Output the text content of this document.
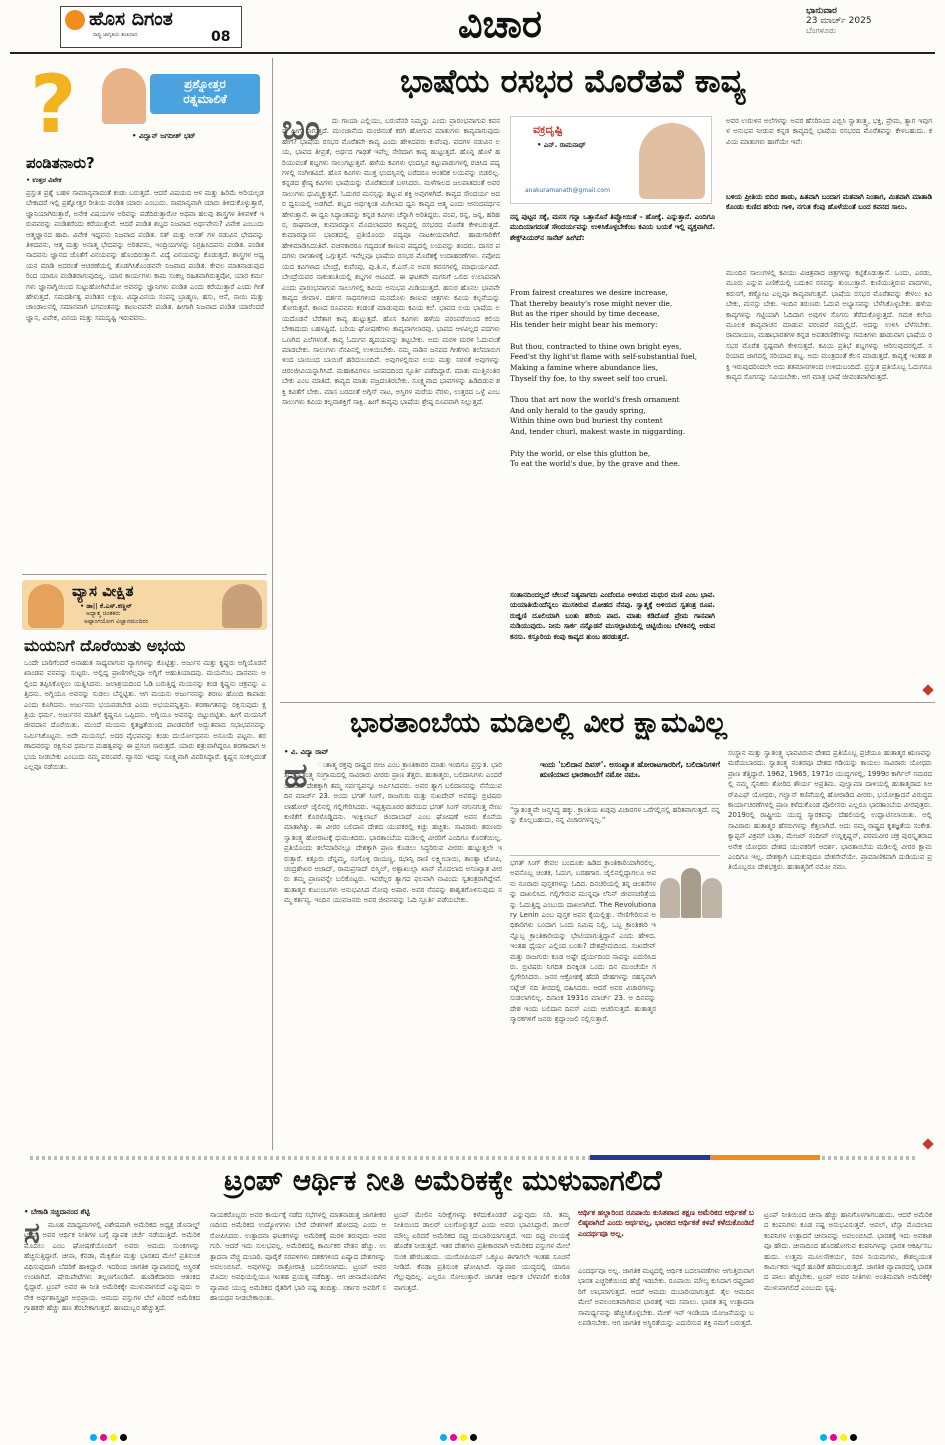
ಹೊಸ ದಿಗಂತ
ರಾಷ್ಟ್ರ ಜಾಗೃತಿಯ ಶಂಖನಾದ	08	ವಿಚಾರ	ಭಾನುವಾರ
23 ಮಾರ್ಚ್ 2025
ಬೆಂಗಳೂರು
?	ಪ್ರಶ್ನೋತ್ತರ
ರತ್ನಮಾಲಿಕೆ
• ವಿದ್ವಾನ್ ಜಗದೀಶ್ ಭಟ್
ಪಂಡಿತನಾರು?
• ಉತ್ತರ ವಿವೇಕ
ಪ್ರಸ್ತುತ ಪ್ರಶ್ನೆ ಬಹಳ ಸಾಮಾನ್ಯವಾದಂತೆ ಕಂಡು ಬರುತ್ತದೆ. ಆದರೆ ವಿಷಯದ ಆಳ ಮತ್ತು ಹಿರಿಮೆ ಅರಿಯಲ್ಪಡಬೇಕಾದರೆ ಇಲ್ಲಿ ಪ್ರಶ್ನೋತ್ತರ ರೀತಿಯ ಪಂಡಿತ ಯಾರು ಎಂಬುದು. ಸಾಮಾನ್ಯವಾಗಿ ಯಾರು ತಿಳಿದುಕೊಳ್ಳುತ್ತಾರೆ, ಜ್ಞಾನಿಯಾಗಿರುತ್ತಾರೆ, ಅನೇಕ ವಿಷಯಗಳ ಅರಿವನ್ನು ಪಡೆದಿರುತ್ತಾರೋ ಅಥವಾ ಹಲವು ಶಾಸ್ತ್ರಗಳ ತಿಳಿವಳಿಕೆ ಇರುವವರನ್ನು ಪಂಡಿತರೆಂದು ಕರೆಯುತ್ತೇವೆ. ಆದರೆ ಪಂಡಿತ ಶಬ್ದದ ನಿಜವಾದ ಅರ್ಥವೇನು? ವಿವೇಕ ಎಂಬುದು ಆತ್ಮಜ್ಞಾನದ ಹಾದಿ. ವಿವೇಕ ಇದ್ದವನು ನಿಜವಾದ ಪಂಡಿತ. ಸತ್ ಮತ್ತು ಅಸತ್ ಗಳ ನಡುವಿನ ಭೇದವನ್ನು ತಿಳಿದವನು, ಆತ್ಮ ಮತ್ತು ಅನಾತ್ಮ ಭೇದವನ್ನು ಅರಿತವನು, ಇಂದ್ರಿಯಗಳನ್ನು ನಿಗ್ರಹಿಸಿದವನು ಪಂಡಿತ. ಪಂಡಿತನಾದವನು ಜ್ಞಾನದ ಜೊತೆಗೆ ವಿನಯವನ್ನು ಹೊಂದಿರುತ್ತಾನೆ. ವಿದ್ಯೆ ವಿನಯವನ್ನು ಕೊಡುತ್ತದೆ. ಶಾಸ್ತ್ರಗಳ ಅಧ್ಯಯನ ಮಾಡಿ ಅದರಂತೆ ಆಚರಣೆಯಲ್ಲಿ ತೊಡಗಿಸಿಕೊಂಡವನೇ ನಿಜವಾದ ಪಂಡಿತ. ಕೇವಲ ಮಾತನಾಡುವುದರಿಂದ ಯಾರೂ ಪಂಡಿತರಾಗುವುದಿಲ್ಲ. ಯಾರ ಕಾರ್ಯಗಳು ಕಾಮ ಸಂಕಲ್ಪ ರಹಿತವಾಗಿರುತ್ತವೋ, ಯಾರ ಕರ್ಮಗಳು ಜ್ಞಾನಾಗ್ನಿಯಿಂದ ಸುಟ್ಟುಹೋಗಿವೆಯೋ ಅವನನ್ನು ಜ್ಞಾನಿಗಳು ಪಂಡಿತ ಎಂದು ಕರೆಯುತ್ತಾರೆ ಎಂದು ಗೀತೆ ಹೇಳುತ್ತದೆ. ಸಮದರ್ಶಿತ್ವ ಪಂಡಿತನ ಲಕ್ಷಣ. ವಿದ್ಯಾವಿನಯ ಸಂಪನ್ನ ಬ್ರಾಹ್ಮಣ, ಹಸು, ಆನೆ, ನಾಯಿ ಮತ್ತು ಚಾಂಡಾಲನಲ್ಲಿ ಸಮಾನವಾಗಿ ಭಗವಂತನನ್ನು ಕಾಣುವವನೇ ಪಂಡಿತ. ಹೀಗಾಗಿ ನಿಜವಾದ ಪಂಡಿತ ಯಾರೆಂದರೆ ಜ್ಞಾನ, ವಿವೇಕ, ವಿನಯ ಮತ್ತು ಸಮದೃಷ್ಟಿ ಇರುವವನು.
ವ್ಯಾಸ ವೀಕ್ಷಿತ
• ಡಾ|| ಕೆ.ಎಸ್.ಕಣ್ಣನ್
ಅಧ್ಯಾತ್ಮ ಚಿಂತಕರು
ಅಷ್ಟಾಂಗಯೋಗ ವಿಜ್ಞಾನಮಂದಿರಂ
ಮಯನಿಗೆ ದೊರೆಯಿತು ಅಭಯ
ಒಂದೇ ಬಾರಿಗೆಂದರೆ ಅನಾಹುತ ಸಾಧ್ಯವಾಗುವ ವ್ಯಾಗಗಳನ್ನು ಕೊಟ್ಟಿತ್ತು. ಅರ್ಜುನ ಮತ್ತು ಕೃಷ್ಣರು ಅಗ್ನಿಯೊಡನೆ ಖಾಂಡವ ವನವನ್ನು ಸುಟ್ಟರು. ಅಲ್ಲಿದ್ದ ಪ್ರಾಣಿಗಳೆಲ್ಲವೂ ಅಗ್ನಿಗೆ ಆಹುತಿಯಾದವು. ಮಯನೆಂಬ ದಾನವನು ಅಲ್ಲಿಂದ ತಪ್ಪಿಸಿಕೊಳ್ಳಲು ಯತ್ನಿಸಿದನು. ಜಲಾಶ್ರಯದಿಂದ ಓಡಿ ಬರುತ್ತಿದ್ದ ಮಯನನ್ನು ಕಂಡ ಕೃಷ್ಣನು ಚಕ್ರವನ್ನು ಎತ್ತಿದನು. ಅಗ್ನಿಯೂ ಅವನನ್ನು ಸುಡಲು ಬೆನ್ನಟ್ಟಿತು. ಆಗ ಮಯನು ಅರ್ಜುನನನ್ನು ಶರಣು ಹೊಂದಿ ಕಾಪಾಡು ಎಂದು ಕೂಗಿದನು. ಅರ್ಜುನನು ಭಯಪಡಬೇಡ ಎಂದು ಅಭಯವನ್ನಿತ್ತನು. ಶರಣಾಗತನನ್ನು ರಕ್ಷಿಸುವುದು ಕ್ಷತ್ರಿಯ ಧರ್ಮ. ಅರ್ಜುನನ ಮಾತಿಗೆ ಕೃಷ್ಣನೂ ಒಪ್ಪಿದನು. ಅಗ್ನಿಯೂ ಅವನನ್ನು ಬಿಟ್ಟುಬಿಟ್ಟಿತು. ಹೀಗೆ ಮಯನಿಗೆ ಜೀವದಾನ ದೊರೆಯಿತು. ಮುಂದೆ ಮಯನು ಕೃತಜ್ಞತೆಯಿಂದ ಪಾಂಡವರಿಗೆ ಅದ್ಭುತವಾದ ಸಭಾಭವನವನ್ನು ನಿರ್ಮಿಸಿಕೊಟ್ಟನು. ಅದೇ ಮಯಸಭೆ. ಅದರ ವೈಭವವನ್ನು ಕಂಡು ದುರ್ಯೋಧನನು ಅಸೂಯೆ ಪಟ್ಟನು. ಶರಣಾದವರನ್ನು ರಕ್ಷಿಸುವ ಧರ್ಮದ ಮಹತ್ವವನ್ನು ಈ ಪ್ರಸಂಗ ಸಾರುತ್ತದೆ. ಯಾರು ಶತ್ರುವಾಗಿದ್ದರೂ ಶರಣಾದಾಗ ಅಭಯ ನೀಡಬೇಕು ಎಂಬುದು ನಮ್ಮ ಪರಂಪರೆ. ವ್ಯಾಸರು ಇದನ್ನು ಸೂಕ್ಷ್ಮವಾಗಿ ವಿವರಿಸಿದ್ದಾರೆ. ಕೃಷ್ಣನ ಸಂಕಲ್ಪದಂತೆ ಎಲ್ಲವೂ ನಡೆಯಿತು.
ಭಾಷೆಯ ರಸಭರ ಮೊರೆತವೆ ಕಾವ್ಯ
ಬಂ	ದು ಗಾಯಾ ಎಲ್ಲಿಯು, ಬರುವೆನರಿ ನಿಮ್ಮನ್ನು ಎಂದು ಪ್ರಾರಂಭವಾಗುವ ಕವನವು ಹೀಗೆ ಸಾಗುತ್ತದೆ. ಮುಂಜಾನೆಯ ಮಂಜಿನಂತೆ ಕರಗಿ ಹೋಗುವ ಮಾತುಗಳು ಕಾವ್ಯವಾಗುವುದು ಹೇಗೆ? ಭಾಷೆಯ ರಸಭರ ಮೊರೆತವೇ ಕಾವ್ಯ ಎಂದು ಹೇಳಿದವರು ಕುವೆಂಪು. ಪದಗಳ ನಡುವಿನ ಲಯ, ಭಾವದ ತೀವ್ರತೆ, ಅರ್ಥದ ಗಾಢತೆ ಇವೆಲ್ಲ ಸೇರಿದಾಗ ಕಾವ್ಯ ಹುಟ್ಟುತ್ತದೆ. ಹೊನ್ನ ಹೊಳೆ ಹರಿಯುವಂತೆ ಶಬ್ದಗಳು ಸಾಲುಗಟ್ಟುತ್ತವೆ. ಹಳೆಯ ಕವಿಗಳು ಛಂದಸ್ಸಿನ ಕಟ್ಟುಪಾಡುಗಳಲ್ಲಿ ರಚಿಸಿದ ಪದ್ಯಗಳಲ್ಲಿ ಸಂಗೀತವಿದೆ. ಹೊಸ ಕವಿಗಳು ಮುಕ್ತ ಛಂದಸ್ಸಿನಲ್ಲಿ ಬರೆದರೂ ಆಂತರಿಕ ಲಯವನ್ನು ಬಿಡಲಿಲ್ಲ. ಕನ್ನಡದ ಶ್ರೇಷ್ಠ ಕವಿಗಳು ಭಾಷೆಯನ್ನು ಮೊರೆತದಂತೆ ಬಳಸಿದರು. ಮಳೆಗಾಲದ ಜಲಪಾತದಂತೆ ಅವರ ಸಾಲುಗಳು ಧುಮ್ಮಿಕ್ಕುತ್ತವೆ. ಓದುಗರ ಮನಸ್ಸನ್ನು ತಟ್ಟುವ ಶಕ್ತಿ ಅವುಗಳಿಗಿದೆ. ಕಾವ್ಯದ ಸೌಂದರ್ಯ ಅದರ ಧ್ವನಿಯಲ್ಲಿ ಅಡಗಿದೆ. ಶಬ್ದದ ಅರ್ಥಕ್ಕಿಂತ ಮಿಗಿಲಾದ ಧ್ವನಿ ಕಾವ್ಯದ ಆತ್ಮ ಎಂದು ಆನಂದವರ್ಧನ ಹೇಳುತ್ತಾನೆ. ಈ ಧ್ವನಿ ಸಿದ್ಧಾಂತವನ್ನು ಕನ್ನಡ ಕವಿಗಳು ಚೆನ್ನಾಗಿ ಅರಿತಿದ್ದರು. ಪಂಪ, ರನ್ನ, ಜನ್ನ, ಹರಿಹರ, ರಾಘವಾಂಕ, ಕುಮಾರವ್ಯಾಸ ಮೊದಲಾದವರ ಕಾವ್ಯದಲ್ಲಿ ರಸಭರದ ಮೊರೆತ ಕೇಳಿಬರುತ್ತದೆ. ಕುಮಾರವ್ಯಾಸನ ಭಾರತದಲ್ಲಿ ಪ್ರತಿಯೊಂದು ಪದ್ಯವೂ ನಾಟಕೀಯವಾಗಿದೆ. ಹಾಡುಗಾರಿಕೆಗೆ ಹೇಳಿಮಾಡಿಸಿದಂತಿವೆ. ವಚನಕಾರರೂ ಗದ್ಯದಂತೆ ಕಾಣುವ ಪದ್ಯದಲ್ಲಿ ಲಯವನ್ನು ತಂದರು. ದಾಸರ ಪದಗಳು ರಾಗತಾಳಕ್ಕೆ ಒಗ್ಗುತ್ತವೆ. ಇವೆಲ್ಲವೂ ಭಾಷೆಯ ರಸಭರ ಮೊರೆತಕ್ಕೆ ಉದಾಹರಣೆಗಳು. ನವೋದಯದ ಕವಿಗಳಾದ ಬೇಂದ್ರೆ, ಕುವೆಂಪು, ಪು.ತಿ.ನ, ಕೆ.ಎಸ್.ನ ಅವರ ಕವನಗಳಲ್ಲಿ ಮಾಧುರ್ಯವಿದೆ. ಬೇಂದ್ರೆಯವರ ನಾಕುತಂತಿಯಲ್ಲಿ ಶಬ್ದಗಳ ಆಟವಿದೆ. ಈ ಘಟಕವೇ ಮಗನಿಗೆ ಒಲಿದ ಉಲಾಪವಾಗಿ ಎಂದು ಪ್ರಾರಂಭವಾಗುವ ಸಾಲುಗಳಲ್ಲಿ ಕವಿಯ ಅನುಭವ ಮಿಡಿಯುತ್ತದೆ. ಹಸುರ ಹೊನಲ ಭಾವವೇ ಕಾವ್ಯದ ಜೀವಾಳ. ದರ್ಶನ ಸಾಧನಗಳಿಂದ ಮನದೊಳು ಕಾಣುವ ಚಿತ್ರಗಳು ಕವಿಯ ಕಲ್ಪನೆಯನ್ನು ತೋರುತ್ತವೆ. ಕಾಣದ ರೂಪವನು ಕಂಡಂತೆ ಮಾಡುವುದು ಕವಿಯ ಕಲೆ. ಭಾವದ ಲಯ ಭಾಷೆಯ ಲಯದೊಡನೆ ಬೆರೆತಾಗ ಕಾವ್ಯ ಹುಟ್ಟುತ್ತದೆ. ಹೊಸ ಕವಿಗಳು ಹಳೆಯ ಪರಂಪರೆಯಿಂದ ಕಲಿಯಬೇಕಾದುದು ಬಹಳಷ್ಟಿದೆ. ಬರಿಯ ಘೋಷಣೆಗಳು ಕಾವ್ಯವಾಗಲಾರವು. ಭಾವದ ಆಳವಿಲ್ಲದ ಪದಗಳು ಒಣಗಿದ ಎಲೆಗಳಂತೆ. ಕಾವ್ಯ ಓದುಗನ ಹೃದಯವನ್ನು ತಟ್ಟಬೇಕು. ಅದು ಮರಳಿ ಮರಳಿ ಓದುವಂತೆ ಮಾಡಬೇಕು. ಸಾಲುಗಳು ನೆನಪಿನಲ್ಲಿ ಉಳಿಯಬೇಕು. ನಮ್ಮ ನಾಡಿನ ಜನಪದ ಗೀತೆಗಳು ತಲೆಮಾರುಗಳಿಂದ ಬಾಯಿಂದ ಬಾಯಿಗೆ ಹರಿದುಬಂದಿವೆ. ಅವುಗಳಲ್ಲಿರುವ ಲಯ ಮತ್ತು ಸರಳತೆ ಅವುಗಳನ್ನು ಚಿರಂಜೀವಿಯನ್ನಾಗಿಸಿದೆ. ಮಹಾಕವಿಗಳೂ ಜನಪದದಿಂದ ಸ್ಫೂರ್ತಿ ಪಡೆದಿದ್ದಾರೆ. ಮಾತು ಮುತ್ತಿನಂತಿರಬೇಕು ಎಂಬ ಮಾತಿದೆ. ಕಾವ್ಯದ ಮಾತು ವಜ್ರದಂತಿರಬೇಕು. ಸೂಕ್ಷ್ಮವಾದ ಭಾವಗಳನ್ನು ಹಿಡಿದಿಡುವ ಶಕ್ತಿ ಕವಿತೆಗೆ ಬೇಕು. ಮಾಸ ಬರದಂತೆ ಅಗ್ಗಿಸ್ ನಾಟ, ಅಸ್ತಿಗಳ ಮರೆಯ ನೆರಳು, ಉತ್ತರದ ಒಳ್ಳೆ ಎಂಬ ಸಾಲುಗಳು ಕವಿಯ ಕಲ್ಪನಾಶಕ್ತಿಗೆ ಸಾಕ್ಷಿ. ಹೀಗೆ ಕಾವ್ಯವು ಭಾಷೆಯ ಶ್ರೇಷ್ಠ ರೂಪವಾಗಿ ನಿಲ್ಲುತ್ತದೆ.
ವಕ್ರದೃಷ್ಟಿ
• ಎನ್. ರಾಮನಾಥ್
anakuramanath@gmail.com
ನನ್ನ ಪುಟ್ಟನ ಸಕ್ಕೆ, ಮನಸ ಗನ್ನಾ ಒತ್ತಾನೊನೆ ತಿವ್ವೋಯಿತೆ – ಹೋಕ್ಕೆ. ಎನ್ನುತ್ತಾನೆ. ಎಂದಿಗೂ ಮುದಿಯಾಗದಂತೆ ಸೌಂದರ್ಯವನ್ನು ಉಳಿಸಿಕೊಳ್ಳಬೇಕೆಂಬ ಕವಿಯ ಬಯಕೆ ಇಲ್ಲಿ ವ್ಯಕ್ತವಾಗಿದೆ. ಶೇಕ್ಸ್‌ಪಿಯರ್‌ನ ಸಾನೆಟ್ ಹೀಗಿದೆ:
From fairest creatures we desire increase,
That thereby beauty's rose might never die,
But as the riper should by time decease,
His tender heir might bear his memory:

But thou, contracted to thine own bright eyes,
Feed'st thy light'st flame with self-substantial fuel,
Making a famine where abundance lies,
Thyself thy foe, to thy sweet self too cruel.

Thou that art now the world's fresh ornament
And only herald to the gaudy spring,
Within thine own bud buriest thy content
And, tender churl, makest waste in niggarding.

Pity the world, or else this glutton be,
To eat the world's due, by the grave and thee.
ಸಂತಾನದಿಂದಲ್ಲದೆ ಚೆಲುವೆ ನಿತ್ಯವಾಗದು ಎಂದೆಂದೂ ಅಳಿಯದ ಮಧುರ ಮಣಿ ಎಂಬ ಭಾವ. ಯಯಾತಿಯೆಂದೆನ್ನಲು ಮುಸಕಿರುವ ಮೋಹದ ನೆನಪು. ಸ್ವಾತ್ಮಕ್ಕೆ ಅಳಿಯದ ಸ್ವತಂತ್ರ ರೂಪ. ರುಜ್ಞಿಣಿ ದೂಲಿಯಾಗಿ ಬಂತು ಹರಿಯ ಪಾದ. ಮಾತು ಕಡಿದೊಡೆ ಪ್ರೇಮ ಗಾನವಾಗಿ ನುಡಿಯುವುದು. ನೀನು ಸಾರ್ಕ ನನ್ನೊಡನೆ ಮುಸಲ್ಪಾಟಿಯಲ್ಲಿ ಚಿಟ್ಟಿಯೆಂಬ ಬೆಳಕಿನಲ್ಲಿ ಆಡುವ ಕನಸು. ಕಸ್ತೂರಿಯ ಕಂಪು ಕಾವ್ಯದ ತುಂಬ ಹರಡುತ್ತದೆ.
ಅವರ ಉರುಳಿನ ಅಲೆಗಳನ್ನು ಅವರ ಹೆಸರಿನಿಂದ ಎಬ್ಬಿಸಿ ಸ್ವಾತಂತ್ರ್ಯ, ಭಕ್ತಿ, ಪ್ರೇಮ, ತ್ಯಾಗ ಇವುಗಳ ಅನುಭವ ನೀಡುವ ಕನ್ನಡ ಕಾವ್ಯದಲ್ಲಿ ಭಾಷೆಯ ರಸಭರದ ಮೊರೆತವನ್ನು ಕೇಳಬಹುದು. ಕವಿಯ ಮಾತುಗಳು ಹಾಗೆಯೇ ಇವೆ:
ಬಳಿಯ ಪ್ರೀತಿಯ ಬಿದಿರ ಹಾಡು, ಹಿತವಾಗಿ ಬಂದಾಗ ಮತವಾಗಿ ನಿಂತಾಗ, ಮಿತವಾಗಿ ಮಾತಾಡಿ ಕೊಂಡು ಕುಣಿದ ಹರಿಯ ಗಾಳಿ, ನಗುತ ಕೆಂಪು ಹೊಳೆಯಂತೆ ಬಂದ ಕವನದ ಸಾಲು.
ಮುಂದಿನ ಸಾಲುಗಳಲ್ಲಿ ಕವಿಯು ವಿಚಿತ್ರವಾದ ಚಿತ್ರಗಳನ್ನು ಕಟ್ಟಿಕೊಡುತ್ತಾನೆ. ಒಂದು, ಎರಡು, ಮೂರು ಎನ್ನುವ ಎಣಿಕೆಯಲ್ಲಿ ಬದುಕಿನ ರಸವನ್ನು ತುಂಬುತ್ತಾನೆ. ಕುಣಿಯುತ್ತಿರುವ ಪಾದಗಳು, ಕಿರುನಗೆ, ಕಣ್ಣೋಟ ಎಲ್ಲವೂ ಕಾವ್ಯವಾಗುತ್ತವೆ. ಭಾಷೆಯ ರಸಭರ ಮೊರೆತವನ್ನು ಕೇಳಲು ಕಿವಿ ಬೇಕು, ಮನಸ್ಸು ಬೇಕು. ಇಂದಿನ ತರುಣರು ಓದುವ ಅಭ್ಯಾಸವನ್ನು ಬೆಳೆಸಿಕೊಳ್ಳಬೇಕು. ಹಳೆಯ ಕಾವ್ಯಗಳನ್ನು ಗಟ್ಟಿಯಾಗಿ ಓದಿದಾಗ ಅವುಗಳ ಸೊಗಸು ತೆರೆದುಕೊಳ್ಳುತ್ತದೆ. ಗಮಕ ಕಲೆಯ ಮೂಲಕ ಕಾವ್ಯವಾಚನ ಮಾಡುವ ಪರಂಪರೆ ನಮ್ಮಲ್ಲಿದೆ. ಅದನ್ನು ಉಳಿಸಿ ಬೆಳೆಸಬೇಕು. ರಾಮಾಯಣ, ಮಹಾಭಾರತಗಳ ಕನ್ನಡ ಅವತರಣಿಕೆಗಳನ್ನು ಗಮಕಿಗಳು ಹಾಡುವಾಗ ಭಾಷೆಯ ರಸಭರ ಮೊರೆತ ಸ್ಪಷ್ಟವಾಗಿ ಕೇಳಿಸುತ್ತದೆ. ಕವಿಯ ಪ್ರತಿಭೆ ಶಬ್ದಗಳನ್ನು ಆರಿಸುವುದರಲ್ಲಿದೆ. ಸರಿಯಾದ ಜಾಗದಲ್ಲಿ ಸರಿಯಾದ ಶಬ್ದ. ಅದು ಮಂತ್ರದಂತೆ ಕೆಲಸ ಮಾಡುತ್ತದೆ. ಕಾವ್ಯಕ್ಕೆ ಇಂತಹ ಶಕ್ತಿ ಇರುವುದರಿಂದಲೇ ಅದು ಶತಮಾನಗಳಿಂದ ಉಳಿದುಬಂದಿದೆ. ಪ್ರಸ್ತುತ ಪ್ರತಿಯೊಬ್ಬ ಓದುಗನೂ ಕಾವ್ಯದ ಸೊಗಸನ್ನು ಸವಿಯಬೇಕು. ಆಗ ಮಾತ್ರ ಭಾಷೆ ಜೀವಂತವಾಗಿರುತ್ತದೆ.
ಭಾರತಾಂಬೆಯ ಮಡಿಲಲ್ಲಿ ವೀರ ಕ್ಷಾಮವಿಲ್ಲ
• ವಿ. ವಿದ್ಯಾ ರಾವ್
ಹ	ುತಾತ್ಮ ರಕ್ತವು ರಾಷ್ಟ್ರದ ಬೀಜ ಎಂಬ ಕ್ರಾಂತಿಕಾರರ ಮಾತು ಇಂದಿಗೂ ಪ್ರಸ್ತುತ. ಭಾರತದ ಸ್ವಾತಂತ್ರ್ಯ ಸಂಗ್ರಾಮದಲ್ಲಿ ಸಾವಿರಾರು ವೀರರು ಪ್ರಾಣ ತೆತ್ತರು. ಹುತಾತ್ಮರು, ಬಲಿದಾನಿಗಳು ಎಂದರೆ ಯಾರು? ದೇಶಕ್ಕಾಗಿ ತಮ್ಮ ಸರ್ವಸ್ವವನ್ನೂ ಅರ್ಪಿಸಿದವರು. ಅವರ ತ್ಯಾಗ ಬಲಿದಾನವನ್ನು ನೆನೆಯುವ ದಿನ ಮಾರ್ಚ್ 23. ಅಂದು ಭಗತ್ ಸಿಂಗ್, ರಾಜಗುರು ಮತ್ತು ಸುಖದೇವ್ ಅವರನ್ನು ಬ್ರಿಟಿಷರು ಲಾಹೋರ್ ಜೈಲಿನಲ್ಲಿ ಗಲ್ಲಿಗೇರಿಸಿದರು. ಇಪ್ಪತ್ತಮೂರರ ಹರೆಯದ ಭಗತ್ ಸಿಂಗ್ ನಗುನಗುತ್ತ ನೇಣು ಕುಣಿಕೆಗೆ ಕೊರಳೊಡ್ಡಿದನು. ಇಂಕ್ವಿಲಾಬ್ ಜಿಂದಾಬಾದ್ ಎಂಬ ಘೋಷಣೆ ಅವನ ಕೊನೆಯ ಮಾತಾಗಿತ್ತು. ಈ ವೀರರ ಬಲಿದಾನ ದೇಶದ ಯುವಕರಲ್ಲಿ ಕಿಚ್ಚು ಹಚ್ಚಿತು. ಸಾವಿರಾರು ತರುಣರು ಸ್ವಾತಂತ್ರ್ಯ ಹೋರಾಟಕ್ಕೆ ಧುಮುಕಿದರು. ಭಾರತಾಂಬೆಯ ಮಡಿಲಲ್ಲಿ ವೀರರಿಗೆ ಎಂದಿಗೂ ಕೊರತೆಯಿಲ್ಲ. ಪ್ರತಿಯೊಂದು ತಲೆಮಾರಿನಲ್ಲೂ ದೇಶಕ್ಕಾಗಿ ಪ್ರಾಣ ಕೊಡಲು ಸಿದ್ಧರಿರುವ ವೀರರು ಹುಟ್ಟುತ್ತಲೇ ಇರುತ್ತಾರೆ. ಕಿತ್ತೂರು ಚೆನ್ನಮ್ಮ, ಸಂಗೊಳ್ಳಿ ರಾಯಣ್ಣ, ಝಾನ್ಸಿ ರಾಣಿ ಲಕ್ಷ್ಮೀಬಾಯಿ, ತಾಂತ್ಯಾ ಟೋಪಿ, ಚಂದ್ರಶೇಖರ ಆಜಾದ್, ರಾಮಪ್ರಸಾದ್ ಬಿಸ್ಮಿಲ್, ಅಶ್ಫಾಖುಲ್ಲಾ ಖಾನ್ ಮೊದಲಾದ ಅಸಂಖ್ಯಾತ ವೀರರು ತಮ್ಮ ಪ್ರಾಣವನ್ನೇ ಬಲಿಕೊಟ್ಟರು. ಇವರೆಲ್ಲರ ತ್ಯಾಗದ ಫಲವಾಗಿ ನಾವಿಂದು ಸ್ವತಂತ್ರರಾಗಿದ್ದೇವೆ. ಹುತಾತ್ಮರ ಕುಟುಂಬಗಳು ಅನುಭವಿಸಿದ ನೋವು ಅಪಾರ. ಅವರ ನೆನಪನ್ನು ಶಾಶ್ವತಗೊಳಿಸುವುದು ನಮ್ಮ ಕರ್ತವ್ಯ. ಇಂದಿನ ಯುವಜನರು ಅವರ ಜೀವನವನ್ನು ಓದಿ ಸ್ಫೂರ್ತಿ ಪಡೆಯಬೇಕು.
ಇಂದು 'ಬಲಿದಾನ ದಿವಸ್'. ಅಸಂಖ್ಯಾತ ಹೋರಾಟಗಾರರಿಗೆ, ಬಲಿದಾನಿಗಳಿಗೆ ಋಣಿಯಾದ ಭಾರತಾಂಬೆಗೆ ನಮೋ ನಮಃ.
"ಸ್ವಾತಂತ್ರ್ಯವೇ ಜನ್ಮಸಿದ್ಧ ಹಕ್ಕು. ಕ್ರಾಂತಿಯ ಖಡ್ಗವು ವಿಚಾರಗಳ ಒರೆಗಲ್ಲಿನಲ್ಲಿ ಹರಿತವಾಗುತ್ತದೆ. ನನ್ನನ್ನು ಕೊಲ್ಲಬಹುದು, ನನ್ನ ವಿಚಾರಗಳನ್ನಲ್ಲ."
ಭಗತ್ ಸಿಂಗ್ ಕೇವಲ ಬಂದೂಕು ಹಿಡಿದ ಕ್ರಾಂತಿಕಾರಿಯಾಗಿರಲಿಲ್ಲ. ಅವನೊಬ್ಬ ಚಿಂತಕ, ಓದುಗ, ಬರಹಗಾರ. ಜೈಲಿನಲ್ಲಿದ್ದಾಗಲೂ ಅವನು ನೂರಾರು ಪುಸ್ತಕಗಳನ್ನು ಓದಿದ. ದಿನಚರಿಯಲ್ಲಿ ತನ್ನ ಚಿಂತನೆಗಳನ್ನು ದಾಖಲಿಸಿದ. ಗಲ್ಲಿಗೇರುವ ಮುನ್ನವೂ ಲೆನಿನ್ ಜೀವನಚರಿತ್ರೆಯನ್ನು ಓದುತ್ತಿದ್ದ ಎಂಬುದು ದಾಖಲಾಗಿದೆ. The Revolutionary Lenin ಎಂಬ ಪುಸ್ತಕ ಅವನ ಕೈಯಲ್ಲಿತ್ತು. ನೇಣಿಗೇರಿಸುವ ಅಧಿಕಾರಿಗಳು ಬಂದಾಗ ಒಂದು ನಿಮಿಷ ನಿಲ್ಲಿ, ಒಬ್ಬ ಕ್ರಾಂತಿಕಾರಿ ಇನ್ನೊಬ್ಬ ಕ್ರಾಂತಿಕಾರಿಯನ್ನು ಭೇಟಿಯಾಗುತ್ತಿದ್ದಾನೆ ಎಂದು ಹೇಳಿದ. ಇಂತಹ ಧೈರ್ಯ ಎಲ್ಲಿಂದ ಬಂತು? ದೇಶಪ್ರೇಮದಿಂದ. ಸುಖದೇವ್ ಮತ್ತು ರಾಜಗುರು ಕೂಡ ಅಷ್ಟೇ ಧೈರ್ಯದಿಂದ ಸಾವನ್ನು ಎದುರಿಸಿದರು. ಬ್ರಿಟಿಷರು ನಿಗದಿತ ದಿನಕ್ಕಿಂತ ಒಂದು ದಿನ ಮುಂಚೆಯೇ ಗಲ್ಲಿಗೇರಿಸಿದರು. ಜನರ ಆಕ್ರೋಶಕ್ಕೆ ಹೆದರಿ ದೇಹಗಳನ್ನು ರಹಸ್ಯವಾಗಿ ಸಟ್ಲೆಜ್ ನದಿ ತೀರದಲ್ಲಿ ದಹಿಸಿದರು. ಆದರೆ ಅವರ ವಿಚಾರಗಳನ್ನು ಸುಡಲಾಗಲಿಲ್ಲ. ದಿನಾಂಕ 1931ರ ಮಾರ್ಚ್ 23. ಆ ದಿನವನ್ನು ದೇಶ ಇಂದು ಬಲಿದಾನ ದಿವಸ್ ಎಂದು ಆಚರಿಸುತ್ತದೆ. ಹುತಾತ್ಮರ ಸ್ಮಾರಕಗಳಿಗೆ ಜನರು ಶ್ರದ್ಧಾಂಜಲಿ ಸಲ್ಲಿಸುತ್ತಾರೆ.
ಸಂಸ್ಥಾನ ಮತ್ತು ಸ್ವಾತಂತ್ರ್ಯ ಭಾವವಿರುವ ದೇಶದ ಪ್ರತಿಯೊಬ್ಬ ಪ್ರಜೆಯೂ ಹುತಾತ್ಮರ ಋಣವನ್ನು ಮರೆಯಬಾರದು. ಸ್ವಾತಂತ್ರ್ಯ ನಂತರವೂ ದೇಶದ ಗಡಿಯನ್ನು ಕಾಯಲು ಸಾವಿರಾರು ಯೋಧರು ಪ್ರಾಣ ತೆತ್ತಿದ್ದಾರೆ. 1962, 1965, 1971ರ ಯುದ್ಧಗಳಲ್ಲಿ, 1999ರ ಕಾರ್ಗಿಲ್ ಸಮರದಲ್ಲಿ ನಮ್ಮ ಸೈನಿಕರು ತೋರಿದ ಶೌರ್ಯ ಅಪ್ರತಿಮ. ಪುಲ್ವಾಮಾ ದಾಳಿಯಲ್ಲಿ ಹುತಾತ್ಮರಾದ ಸಿಆರ್‌ಪಿಎಫ್ ಯೋಧರು, ಗಲ್ವಾನ್ ಕಣಿವೆಯಲ್ಲಿ ಹೋರಾಡಿದ ವೀರರು, ಭಯೋತ್ಪಾದನೆ ವಿರುದ್ಧದ ಕಾರ್ಯಾಚರಣೆಗಳಲ್ಲಿ ಪ್ರಾಣ ಕಳೆದುಕೊಂಡ ಪೊಲೀಸರು ಎಲ್ಲರೂ ಭಾರತಾಂಬೆಯ ವೀರಪುತ್ರರು. 2019ರಲ್ಲಿ ರಾಷ್ಟ್ರೀಯ ಯುದ್ಧ ಸ್ಮಾರಕವನ್ನು ದೆಹಲಿಯಲ್ಲಿ ಉದ್ಘಾಟಿಸಲಾಯಿತು. ಅಲ್ಲಿ ಸಾವಿರಾರು ಹುತಾತ್ಮರ ಹೆಸರುಗಳನ್ನು ಕೆತ್ತಲಾಗಿದೆ. ಅದು ನಮ್ಮ ರಾಷ್ಟ್ರದ ಕೃತಜ್ಞತೆಯ ಸಂಕೇತ. ಕ್ಯಾಪ್ಟನ್ ವಿಕ್ರಮ್ ಬಾತ್ರಾ, ಮೇಜರ್ ಸಂದೀಪ್ ಉನ್ನಿಕೃಷ್ಣನ್, ಪರಮವೀರ ಚಕ್ರ ಪುರಸ್ಕೃತರಾದ ಅನೇಕ ಯೋಧರು ದೇಶದ ಯುವಕರಿಗೆ ಆದರ್ಶ. ಭಾರತಾಂಬೆಯ ಮಡಿಲಲ್ಲಿ ವೀರರ ಕ್ಷಾಮ ಎಂದಿಗೂ ಇಲ್ಲ. ದೇಶಕ್ಕಾಗಿ ಬದುಕುವುದೂ ದೇಶಸೇವೆಯೇ. ಪ್ರಾಮಾಣಿಕವಾಗಿ ದುಡಿಯುವ ಪ್ರತಿಯೊಬ್ಬರೂ ದೇಶಭಕ್ತರು. ಹುತಾತ್ಮರಿಗೆ ನಮೋ ನಮಃ.
ಟ್ರಂಪ್ ಆರ್ಥಿಕ ನೀತಿ ಅಮೆರಿಕಕ್ಕೇ ಮುಳುವಾಗಲಿದೆ
• ಬೇಕಾಡಿ ಸಚ್ಚಿದಾನಂದ ಶೆಟ್ಟಿ
ಸ	ಮೂಹ ಮಾಧ್ಯಮಗಳಲ್ಲಿ ವಿಶೇಷವಾಗಿ ಅಮೆರಿಕದ ಅಧ್ಯಕ್ಷ ಡೊನಾಲ್ಡ್ ಟ್ರಂಪ್ ಅವರ ಆರ್ಥಿಕ ನೀತಿಗಳ ಬಗ್ಗೆ ವ್ಯಾಪಕ ಚರ್ಚೆ ನಡೆಯುತ್ತಿದೆ. ಅಮೆರಿಕ ಮೊದಲು ಎಂಬ ಘೋಷಣೆಯೊಂದಿಗೆ ಅವರು ಆಮದು ಸುಂಕಗಳನ್ನು ಹೆಚ್ಚಿಸುತ್ತಿದ್ದಾರೆ. ಚೀನಾ, ಕೆನಡಾ, ಮೆಕ್ಸಿಕೋ ಮತ್ತು ಭಾರತದ ಮೇಲೆ ಪ್ರತಿಸುಂಕ ವಿಧಿಸುವುದಾಗಿ ಬೆದರಿಕೆ ಹಾಕಿದ್ದಾರೆ. ಇದರಿಂದ ಜಾಗತಿಕ ವ್ಯಾಪಾರದಲ್ಲಿ ಅಸ್ಥಿರತೆ ಉಂಟಾಗಿದೆ. ಷೇರುಪೇಟೆಗಳು ತಲ್ಲಣಗೊಂಡಿವೆ. ಹೂಡಿಕೆದಾರರು ಆತಂಕದಲ್ಲಿದ್ದಾರೆ. ಟ್ರಂಪ್ ಅವರ ಈ ನೀತಿ ಅಮೆರಿಕಕ್ಕೇ ಮುಳುವಾಗಲಿದೆ ಎನ್ನುವುದು ಅನೇಕ ಅರ್ಥಶಾಸ್ತ್ರಜ್ಞರ ಅಭಿಪ್ರಾಯ. ಆಮದು ವಸ್ತುಗಳ ಬೆಲೆ ಏರಿದರೆ ಅಮೆರಿಕದ ಗ್ರಾಹಕರೇ ಹೆಚ್ಚು ಹಣ ತೆರಬೇಕಾಗುತ್ತದೆ. ಹಣದುಬ್ಬರ ಹೆಚ್ಚುತ್ತದೆ.
ನಾಯಕರೊಬ್ಬರು ಅವರ ಕಾರ್ಯಕ್ಕೆ ನಡೆದ ಸಭೆಗಳಲ್ಲಿ ಮಾತನಾಡುತ್ತ ಜಾಗತೀಕರಣದಿಂದ ಅಮೆರಿಕದ ಉದ್ಯೋಗಗಳು ಬೇರೆ ದೇಶಗಳಿಗೆ ಹೋದವು ಎಂದು ಆರೋಪಿಸಿದರು. ಉತ್ಪಾದನಾ ಘಟಕಗಳನ್ನು ಅಮೆರಿಕಕ್ಕೆ ಮರಳಿ ತರುವುದು ಅವರ ಗುರಿ. ಆದರೆ ಇದು ಸುಲಭವಲ್ಲ. ಅಮೆರಿಕದಲ್ಲಿ ಕಾರ್ಮಿಕರ ವೇತನ ಹೆಚ್ಚು. ಉತ್ಪಾದನಾ ವೆಚ್ಚ ದುಬಾರಿ. ಪೂರೈಕೆ ಸರಪಳಿಗಳು ದಶಕಗಳಿಂದ ಏಷ್ಯಾದ ದೇಶಗಳನ್ನು ಅವಲಂಬಿಸಿವೆ. ಅವುಗಳನ್ನು ರಾತ್ರೋರಾತ್ರಿ ಬದಲಿಸಲಾಗದು. ಟ್ರಂಪ್ ಅವರ ಮೊದಲ ಅವಧಿಯಲ್ಲಿಯೂ ಇಂತಹ ಪ್ರಯತ್ನ ನಡೆದಿತ್ತು. ಆಗ ಚೀನಾದೊಂದಿಗಿನ ವ್ಯಾಪಾರ ಯುದ್ಧ ಅಮೆರಿಕದ ರೈತರಿಗೆ ಭಾರಿ ನಷ್ಟ ತಂದಿತ್ತು. ಸರ್ಕಾರ ಅವರಿಗೆ ಸಹಾಯಧನ ನೀಡಬೇಕಾಯಿತು.
ಟ್ರಂಪ್ ಮೇಲಿನ ನಿರೀಕ್ಷೆಗಳನ್ನು ಕಳೆದುಕೊಂಡರೆ ಎನ್ನುವುದು ಸರಿ. ತಮ್ಮ ನೀತಿಯಿಂದ ಡಾಲರ್ ಬಲಗೊಳ್ಳುತ್ತದೆ ಎಂದು ಅವರು ಭಾವಿಸಿದ್ದಾರೆ. ಡಾಲರ್ ಮೌಲ್ಯ ಏರಿದರೆ ಅಮೆರಿಕದ ರಫ್ತು ದುಬಾರಿಯಾಗುತ್ತದೆ. ಇದು ರಫ್ತು ವಲಯಕ್ಕೆ ಹೊಡೆತ ನೀಡುತ್ತದೆ. ಇತರ ದೇಶಗಳು ಪ್ರತೀಕಾರವಾಗಿ ಅಮೆರಿಕದ ವಸ್ತುಗಳ ಮೇಲೆ ಸುಂಕ ಹೇರಬಹುದು. ಯುರೋಪಿಯನ್ ಒಕ್ಕೂಟ ಈಗಾಗಲೇ ಇಂತಹ ಸೂಚನೆ ನೀಡಿದೆ. ಕೆನಡಾ ಪ್ರತಿಸುಂಕ ಘೋಷಿಸಿದೆ. ವ್ಯಾಪಾರ ಯುದ್ಧದಲ್ಲಿ ಯಾರೂ ಗೆಲ್ಲುವುದಿಲ್ಲ. ಎಲ್ಲರೂ ಸೋಲುತ್ತಾರೆ. ಜಾಗತಿಕ ಆರ್ಥಿಕ ಬೆಳವಣಿಗೆ ಕುಂಠಿತವಾಗುತ್ತದೆ.
ಆರ್ಥಿಕ ಹಲ್ಲಾರಿಂದ ರೂಪಾಯಿ ಕುಸಿತವಾದ ತಕ್ಷಣ ಅಮೆರಿಕದ ಆರ್ಥಿಕತೆ ಬಲಿಷ್ಠವಾಗಿದೆ ಎಂದು ಅರ್ಥವಲ್ಲ, ಭಾರತದ ಆರ್ಥಿಕತೆ ಕಳಪೆ ಕಳೆದುಕೊಂಡಿದೆ ಎಂದರ್ಥವೂ ಅಲ್ಲ.
ಎಂದರ್ಥವೂ ಅಲ್ಲ. ಜಾಗತಿಕ ಮಟ್ಟದಲ್ಲಿ ಆರ್ಥಿಕ ಬದಲಾವಣೆಗಳು ಆಗುತ್ತಿರುವಾಗ ಭಾರತ ಎಚ್ಚರಿಕೆಯಿಂದ ಹೆಜ್ಜೆ ಇಡಬೇಕು. ರೂಪಾಯಿ ಮೌಲ್ಯ ಕುಸಿದಾಗ ರಫ್ತುದಾರರಿಗೆ ಲಾಭವಾಗುತ್ತದೆ. ಆದರೆ ಆಮದು ದುಬಾರಿಯಾಗುತ್ತದೆ. ತೈಲ ಆಮದಿನ ಮೇಲೆ ಅವಲಂಬಿತವಾಗಿರುವ ಭಾರತಕ್ಕೆ ಇದು ಸವಾಲು. ಭಾರತ ತನ್ನ ಉತ್ಪಾದನಾ ಸಾಮರ್ಥ್ಯವನ್ನು ಹೆಚ್ಚಿಸಿಕೊಳ್ಳಬೇಕು. ಮೇಕ್ ಇನ್ ಇಂಡಿಯಾ ಯೋಜನೆಯನ್ನು ಬಲಪಡಿಸಬೇಕು. ಆಗ ಜಾಗತಿಕ ಅಸ್ಥಿರತೆಯನ್ನು ಎದುರಿಸುವ ಶಕ್ತಿ ನಮಗೆ ಬರುತ್ತದೆ.
ಟ್ರಂಪ್ ನೀತಿಯಿಂದ ಚೀನಾ ಹೆಚ್ಚು ಹಾನಿಗೊಳಗಾಗಬಹುದು. ಆದರೆ ಅಮೆರಿಕದ ಕಂಪನಿಗಳು ಕೂಡ ನಷ್ಟ ಅನುಭವಿಸುತ್ತವೆ. ಆಪಲ್, ಟೆಸ್ಲಾ ಮೊದಲಾದ ಕಂಪನಿಗಳ ಉತ್ಪಾದನೆ ಚೀನಾವನ್ನು ಅವಲಂಬಿಸಿದೆ. ಭಾರತಕ್ಕೆ ಇದು ಅವಕಾಶವೂ ಹೌದು. ಚೀನಾದಿಂದ ಹೊರಹೋಗುವ ಕಂಪನಿಗಳನ್ನು ಭಾರತ ಆಕರ್ಷಿಸಬಹುದು. ಉತ್ತಮ ಮೂಲಸೌಕರ್ಯ, ಸರಳ ನಿಯಮಗಳು, ಕೌಶಲ್ಯಯುತ ಕಾರ್ಮಿಕರು ಇದ್ದರೆ ಹೂಡಿಕೆ ಹರಿದುಬರುತ್ತದೆ. ಜಾಗತಿಕ ವ್ಯಾಪಾರದಲ್ಲಿ ಭಾರತದ ಪಾಲು ಹೆಚ್ಚಬೇಕು. ಟ್ರಂಪ್ ಅವರ ನೀತಿಗಳು ಅಂತಿಮವಾಗಿ ಅಮೆರಿಕಕ್ಕೇ ಮುಳುವಾಗಲಿದೆ ಎಂಬುದು ಸ್ಪಷ್ಟ.
